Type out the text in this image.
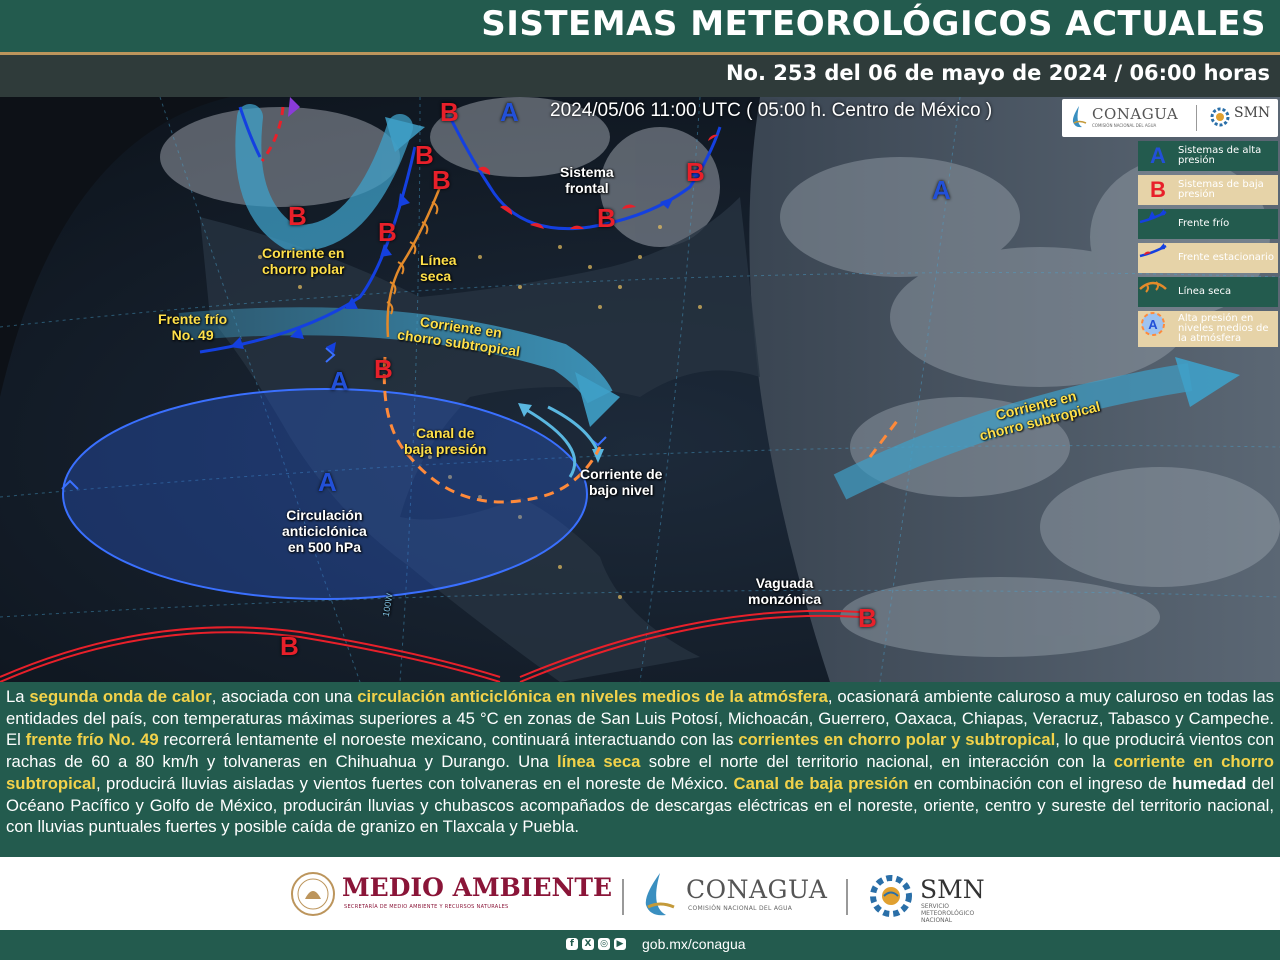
SISTEMAS METEOROLÓGICOS ACTUALES
No. 253 del 06 de mayo de 2024 / 06:00 horas
2024/05/06 11:00 UTC ( 05:00 h. Centro de México )
B A
B
B
B
B	B
B
B
B
B
A
A
A
Corriente en
chorro polar
Línea
seca
Sistema
frontal
Frente frío
No. 49	Corriente en
chorro subtropical
Canal de
baja presión
Corriente de
bajo nivel
Circulación
anticiclónica
en 500 hPa
Corriente en
chorro subtropical
Vaguada
monzónica
100W
CONAGUA
COMISIÓN NACIONAL DEL AGUA
SMN
A Sistemas de alta presión
B Sistemas de baja presión
Frente frío
Frente estacionario
Línea seca
A Alta presión en niveles medios de la atmósfera

La segunda onda de calor, asociada con una circulación anticiclónica en niveles medios de la atmósfera, ocasionará ambiente caluroso a muy caluroso en todas las entidades del país, con temperaturas máximas superiores a 45 °C en zonas de San Luis Potosí, Michoacán, Guerrero, Oaxaca, Chiapas, Veracruz, Tabasco y Campeche. El frente frío No. 49 recorrerá lentamente el noroeste mexicano, continuará interactuando con las corrientes en chorro polar y subtropical, lo que producirá vientos con rachas de 60 a 80 km/h y tolvaneras en Chihuahua y Durango. Una línea seca sobre el norte del territorio nacional, en interacción con la corriente en chorro subtropical, producirá lluvias aisladas y vientos fuertes con tolvaneras en el noreste de México. Canal de baja presión en combinación con el ingreso de humedad del Océano Pacífico y Golfo de México, producirán lluvias y chubascos acompañados de descargas eléctricas en el noreste, oriente, centro y sureste del territorio nacional, con lluvias puntuales fuertes y posible caída de granizo en Tlaxcala y Puebla.

MEDIO AMBIENTE
SECRETARÍA DE MEDIO AMBIENTE Y RECURSOS NATURALES
CONAGUA
COMISIÓN NACIONAL DEL AGUA
SMN
SERVICIO
METEOROLÓGICO
NACIONAL
f	X ◎ ▶ gob.mx/conagua
